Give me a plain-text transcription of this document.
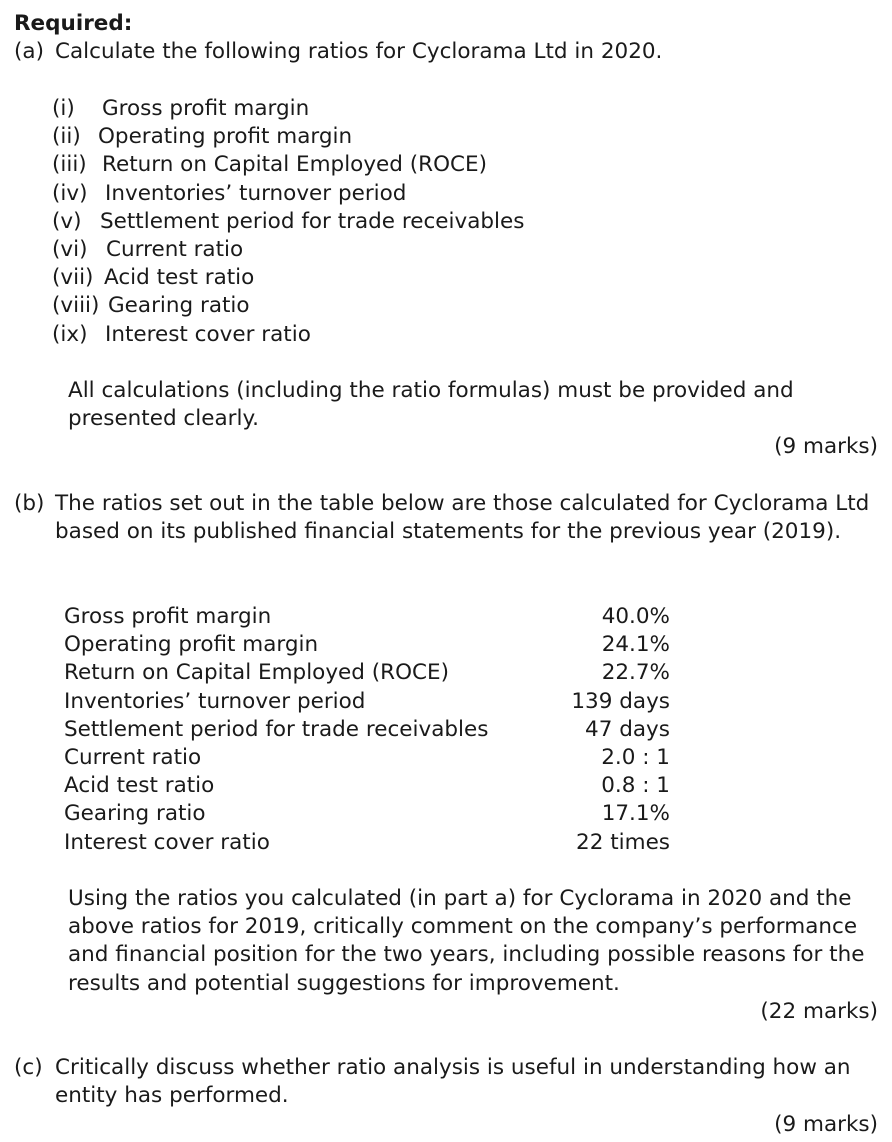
Required:
(a) Calculate the following ratios for Cyclorama Ltd in 2020.
(i) Gross profit margin
(ii) Operating profit margin
(iii) Return on Capital Employed (ROCE)
(iv) Inventories’ turnover period
(v) Settlement period for trade receivables
(vi) Current ratio
(vii) Acid test ratio
(viii) Gearing ratio
(ix) Interest cover ratio
All calculations (including the ratio formulas) must be provided and presented clearly.
(9 marks)
(b) The ratios set out in the table below are those calculated for Cyclorama Ltd based on its published financial statements for the previous year (2019).
Gross profit margin	40.0%
Operating profit margin	24.1%
Return on Capital Employed (ROCE)	22.7%
Inventories’ turnover period	139 days
Settlement period for trade receivables	47 days
Current ratio	2.0 : 1
Acid test ratio	0.8 : 1
Gearing ratio	17.1%
Interest cover ratio	22 times
Using the ratios you calculated (in part a) for Cyclorama in 2020 and the above ratios for 2019, critically comment on the company’s performance and financial position for the two years, including possible reasons for the results and potential suggestions for improvement.
(22 marks)
(c) Critically discuss whether ratio analysis is useful in understanding how an entity has performed.
(9 marks)
